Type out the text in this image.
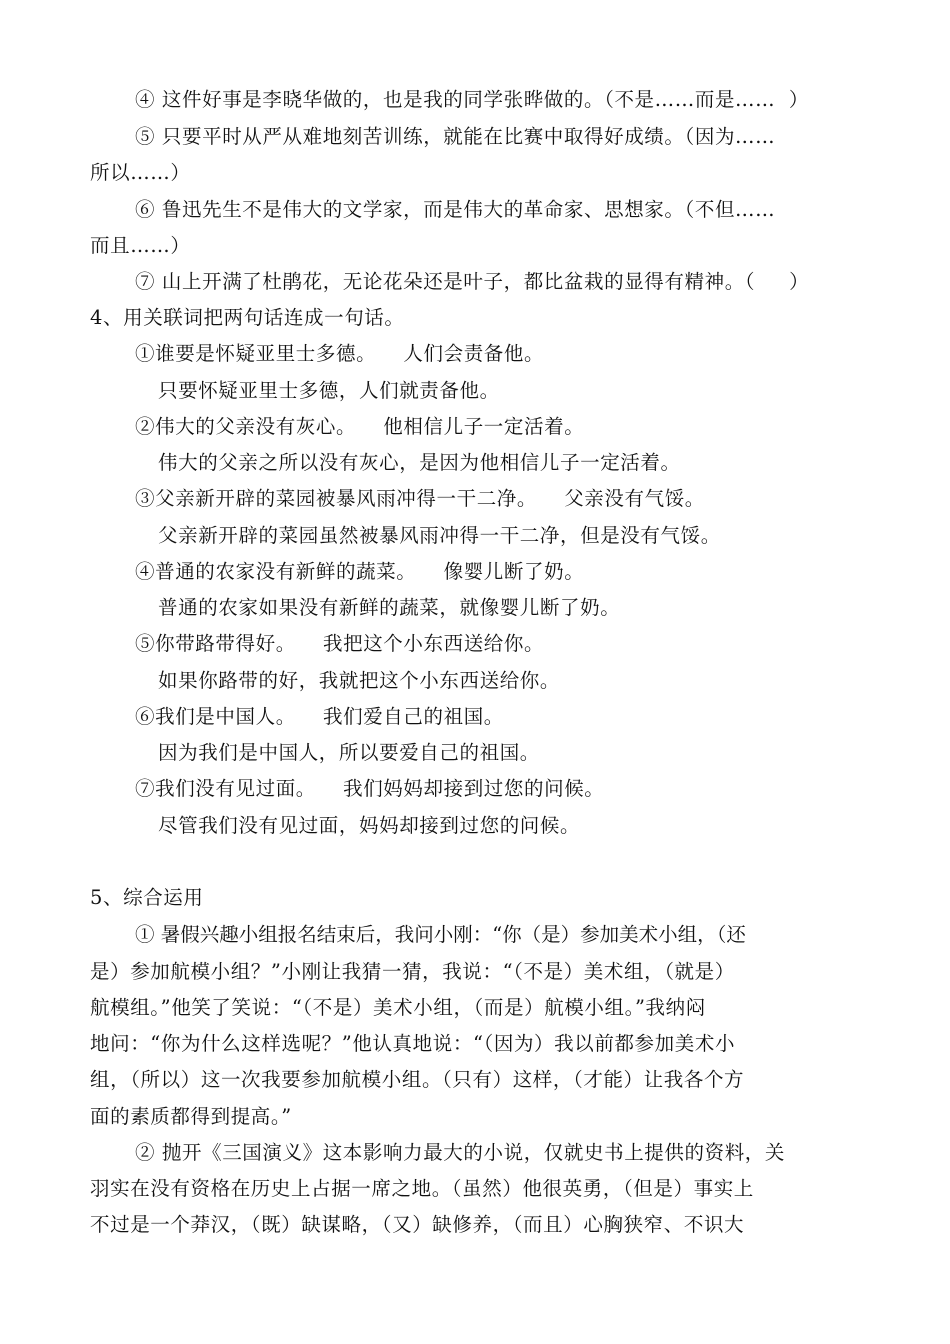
④ 这件好事是李晓华做的，也是我的同学张晔做的。（不是……而是……  ）
⑤ 只要平时从严从难地刻苦训练，就能在比赛中取得好成绩。（因为……
所以……）
⑥ 鲁迅先生不是伟大的文学家，而是伟大的革命家、思想家。（不但……
而且……）
⑦ 山上开满了杜鹃花，无论花朵还是叶子，都比盆栽的显得有精神。（     ）
4、用关联词把两句话连成一句话。
①谁要是怀疑亚里士多德。    人们会责备他。
只要怀疑亚里士多德，人们就责备他。
②伟大的父亲没有灰心。    他相信儿子一定活着。
伟大的父亲之所以没有灰心，是因为他相信儿子一定活着。
③父亲新开辟的菜园被暴风雨冲得一干二净。    父亲没有气馁。
父亲新开辟的菜园虽然被暴风雨冲得一干二净，但是没有气馁。
④普通的农家没有新鲜的蔬菜。    像婴儿断了奶。
普通的农家如果没有新鲜的蔬菜，就像婴儿断了奶。
⑤你带路带得好。    我把这个小东西送给你。
如果你路带的好，我就把这个小东西送给你。
⑥我们是中国人。    我们爱自己的祖国。
因为我们是中国人，所以要爱自己的祖国。
⑦我们没有见过面。    我们妈妈却接到过您的问候。
尽管我们没有见过面，妈妈却接到过您的问候。
5、综合运用
① 暑假兴趣小组报名结束后，我问小刚：“你（是）参加美术小组，（还
是）参加航模小组？”小刚让我猜一猜，我说：“（不是）美术组，（就是）
航模组。”他笑了笑说：“（不是）美术小组，（而是）航模小组。”我纳闷
地问：“你为什么这样选呢？”他认真地说：“（因为）我以前都参加美术小
组，（所以）这一次我要参加航模小组。（只有）这样，（才能）让我各个方
面的素质都得到提高。”
② 抛开《三国演义》这本影响力最大的小说，仅就史书上提供的资料，关
羽实在没有资格在历史上占据一席之地。（虽然）他很英勇，（但是）事实上
不过是一个莽汉，（既）缺谋略，（又）缺修养，（而且）心胸狭窄、不识大
